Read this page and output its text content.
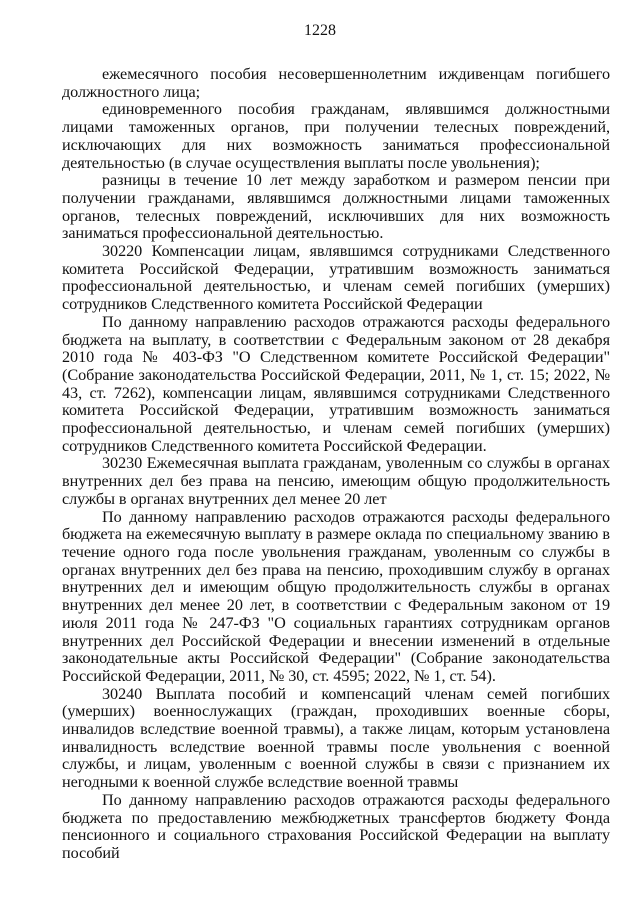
1228

ежемесячного пособия несовершеннолетним иждивенцам погибшего должностного лица;

единовременного пособия гражданам, являвшимся должностными лицами таможенных органов, при получении телесных повреждений, исключающих для них возможность заниматься профессиональной деятельностью (в случае осуществления выплаты после увольнения);

разницы в течение 10 лет между заработком и размером пенсии при получении гражданами, являвшимся должностными лицами таможенных органов, телесных повреждений, исключивших для них возможность заниматься профессиональной деятельностью.

30220 Компенсации лицам, являвшимся сотрудниками Следственного комитета Российской Федерации, утратившим возможность заниматься профессиональной деятельностью, и членам семей погибших (умерших) сотрудников Следственного комитета Российской Федерации

По данному направлению расходов отражаются расходы федерального бюджета на выплату, в соответствии с Федеральным законом от 28 декабря 2010 года № 403-ФЗ "О Следственном комитете Российской Федерации" (Собрание законодательства Российской Федерации, 2011, № 1, ст. 15; 2022, № 43, ст. 7262), компенсации лицам, являвшимся сотрудниками Следственного комитета Российской Федерации, утратившим возможность заниматься профессиональной деятельностью, и членам семей погибших (умерших) сотрудников Следственного комитета Российской Федерации.

30230 Ежемесячная выплата гражданам, уволенным со службы в органах внутренних дел без права на пенсию, имеющим общую продолжительность службы в органах внутренних дел менее 20 лет

По данному направлению расходов отражаются расходы федерального бюджета на ежемесячную выплату в размере оклада по специальному званию в течение одного года после увольнения гражданам, уволенным со службы в органах внутренних дел без права на пенсию, проходившим службу в органах внутренних дел и имеющим общую продолжительность службы в органах внутренних дел менее 20 лет, в соответствии с Федеральным законом от 19 июля 2011 года № 247-ФЗ "О социальных гарантиях сотрудникам органов внутренних дел Российской Федерации и внесении изменений в отдельные законодательные акты Российской Федерации" (Собрание законодательства Российской Федерации, 2011, № 30, ст. 4595; 2022, № 1, ст. 54).

30240 Выплата пособий и компенсаций членам семей погибших (умерших) военнослужащих (граждан, проходивших военные сборы, инвалидов вследствие военной травмы), а также лицам, которым установлена инвалидность вследствие военной травмы после увольнения с военной службы, и лицам, уволенным с военной службы в связи с признанием их негодными к военной службе вследствие военной травмы

По данному направлению расходов отражаются расходы федерального бюджета по предоставлению межбюджетных трансфертов бюджету Фонда пенсионного и социального страхования Российской Федерации на выплату пособий
